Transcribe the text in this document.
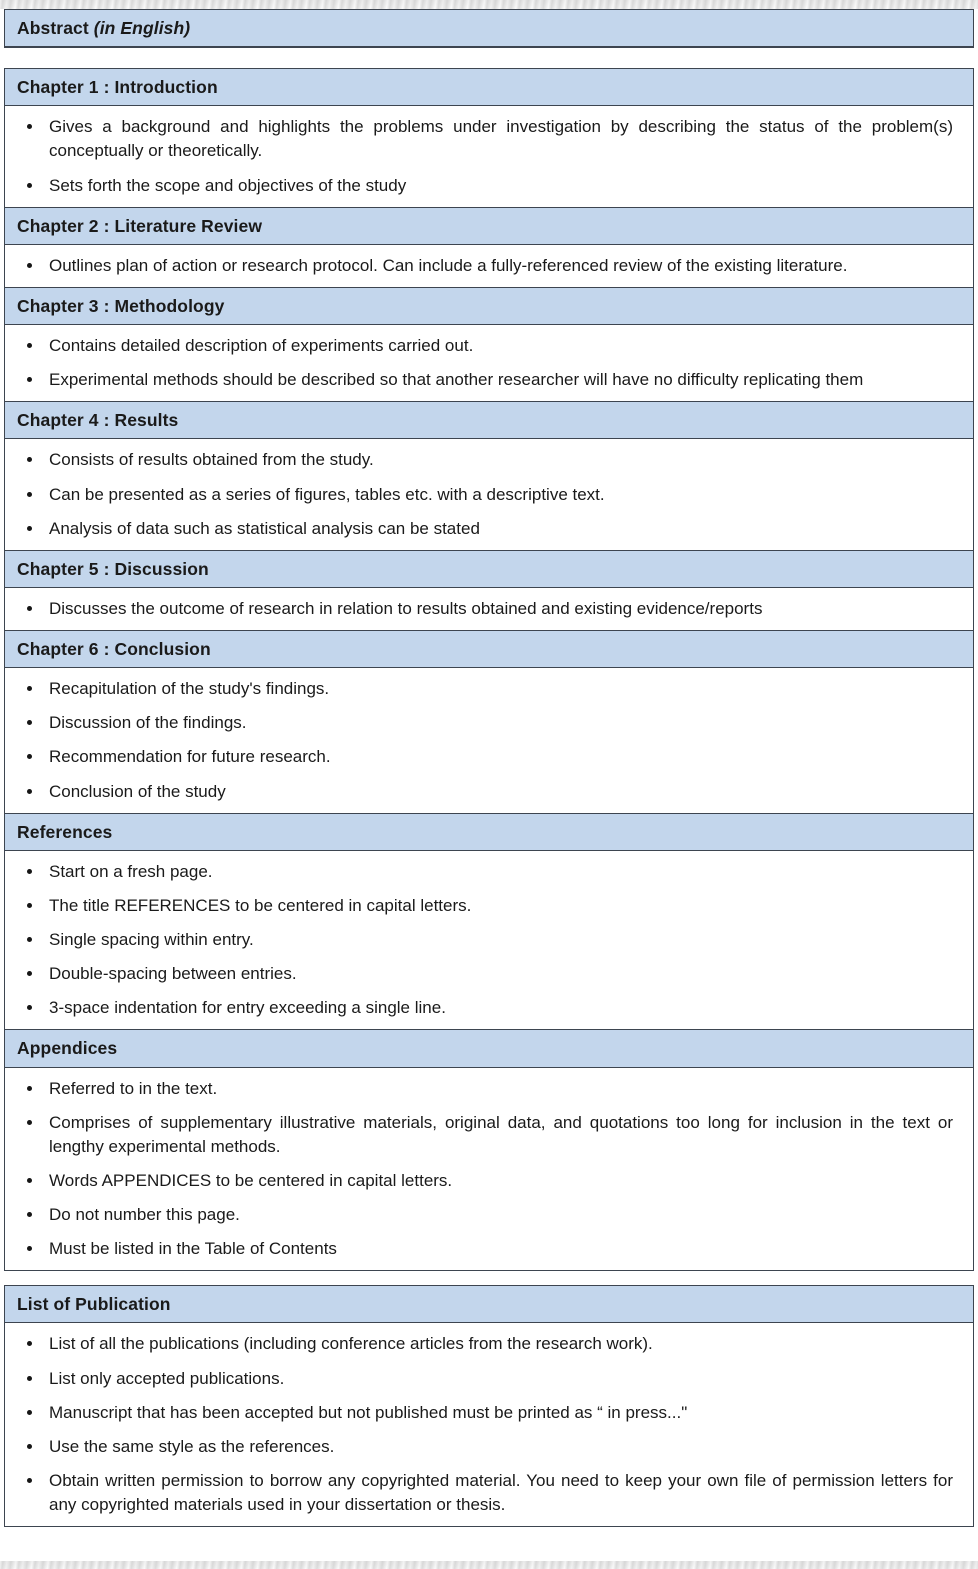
Abstract (in English)
Chapter 1 : Introduction
Gives a background and highlights the problems under investigation by describing the status of the problem(s) conceptually or theoretically.
Sets forth the scope and objectives of the study
Chapter 2 : Literature Review
Outlines plan of action or research protocol. Can include a fully-referenced review of the existing literature.
Chapter 3 : Methodology
Contains detailed description of experiments carried out.
Experimental methods should be described so that another researcher will have no difficulty replicating them
Chapter 4 : Results
Consists of results obtained from the study.
Can be presented as a series of figures, tables etc. with a descriptive text.
Analysis of data such as statistical analysis can be stated
Chapter 5 : Discussion
Discusses the outcome of research in relation to results obtained and existing evidence/reports
Chapter 6 : Conclusion
Recapitulation of the study's findings.
Discussion of the findings.
Recommendation for future research.
Conclusion of the study
References
Start on a fresh page.
The title REFERENCES to be centered in capital letters.
Single spacing within entry.
Double-spacing between entries.
3-space indentation for entry exceeding a single line.
Appendices
Referred to in the text.
Comprises of supplementary illustrative materials, original data, and quotations too long for inclusion in the text or lengthy experimental methods.
Words APPENDICES to be centered in capital letters.
Do not number this page.
Must be listed in the Table of Contents
List of Publication
List of all the publications (including conference articles from the research work).
List only accepted publications.
Manuscript that has been accepted but not published must be printed as “ in press..."
Use the same style as the references.
Obtain written permission to borrow any copyrighted material. You need to keep your own file of permission letters for any copyrighted materials used in your dissertation or thesis.
